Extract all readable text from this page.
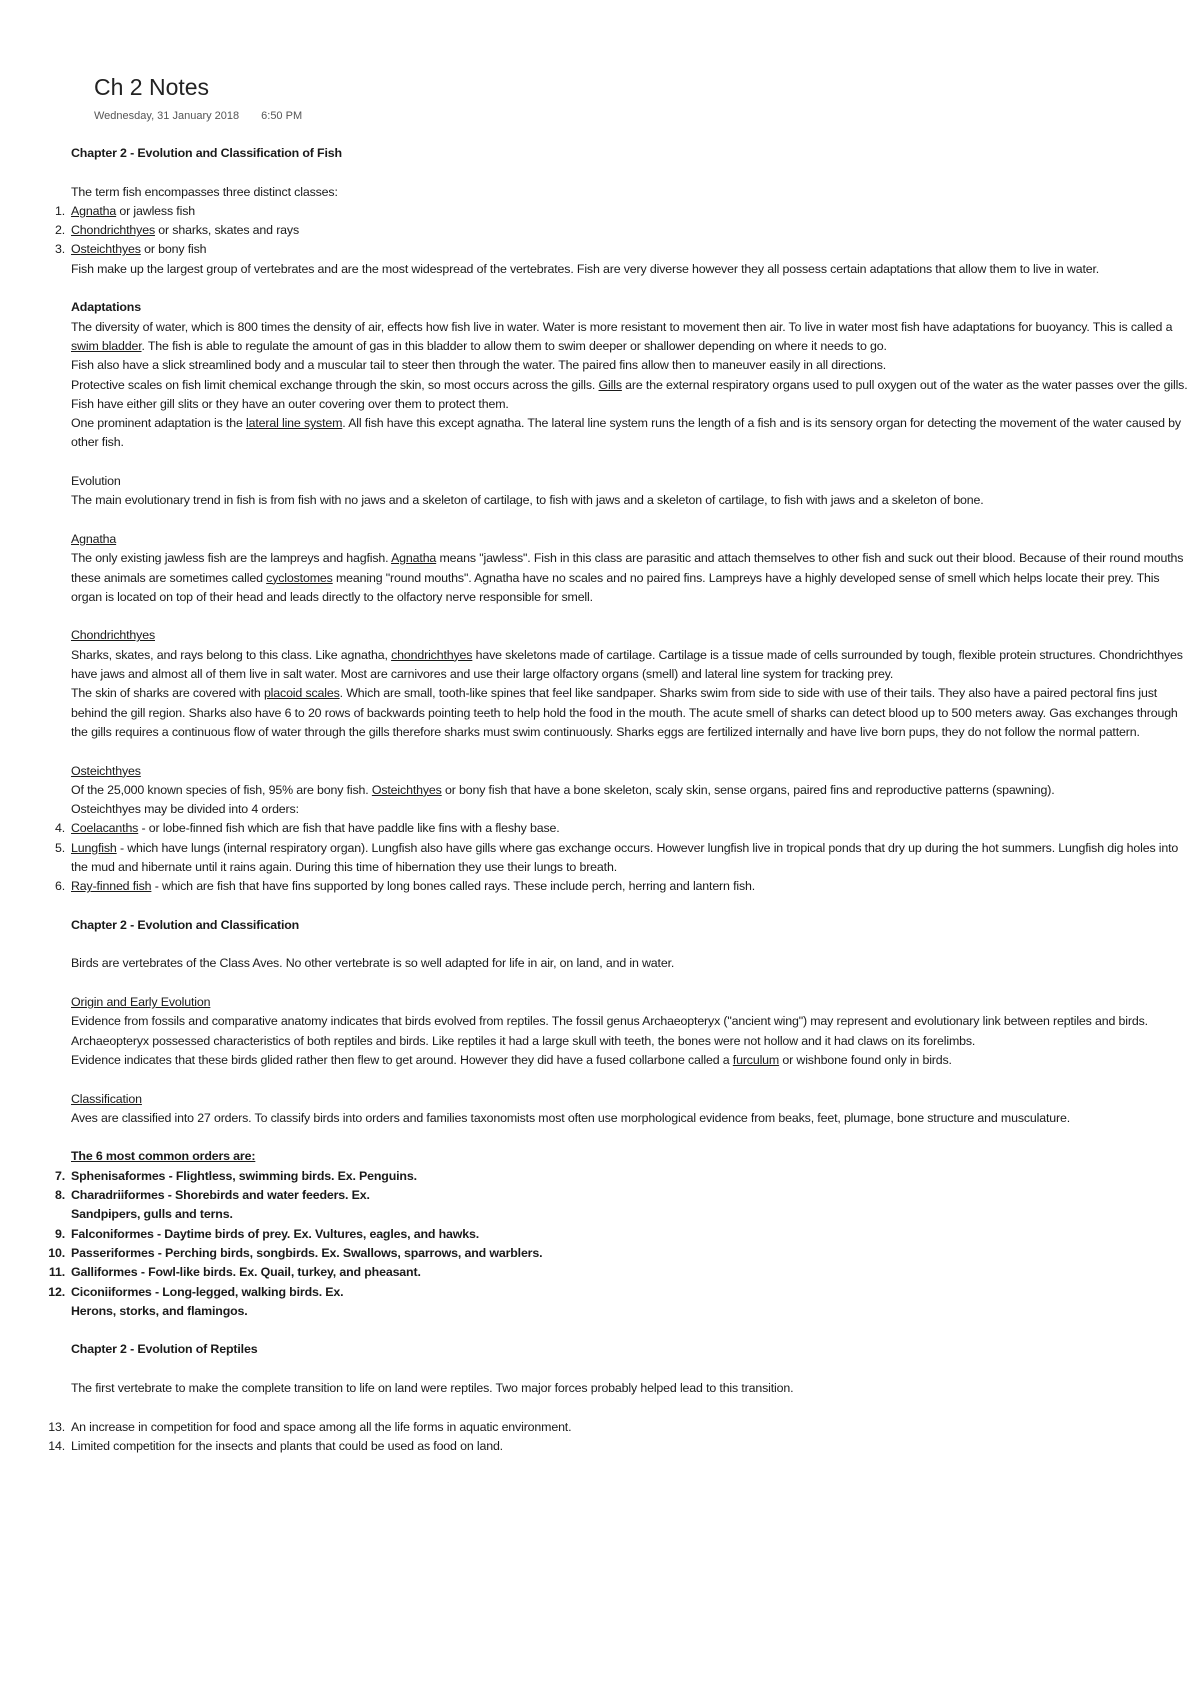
Ch 2 Notes
Wednesday, 31 January 2018 6:50 PM
Chapter 2 - Evolution and Classification of Fish
The term fish encompasses three distinct classes:
1. Agnatha or jawless fish
2. Chondrichthyes or sharks, skates and rays
3. Osteichthyes or bony fish
Fish make up the largest group of vertebrates and are the most widespread of the vertebrates. Fish are very diverse however they all possess certain adaptations that allow them to live in water.
Adaptations
The diversity of water, which is 800 times the density of air, effects how fish live in water. Water is more resistant to movement then air. To live in water most fish have adaptations for buoyancy. This is called a swim bladder. The fish is able to regulate the amount of gas in this bladder to allow them to swim deeper or shallower depending on where it needs to go.
Fish also have a slick streamlined body and a muscular tail to steer then through the water. The paired fins allow then to maneuver easily in all directions.
Protective scales on fish limit chemical exchange through the skin, so most occurs across the gills. Gills are the external respiratory organs used to pull oxygen out of the water as the water passes over the gills. Fish have either gill slits or they have an outer covering over them to protect them.
One prominent adaptation is the lateral line system. All fish have this except agnatha. The lateral line system runs the length of a fish and is its sensory organ for detecting the movement of the water caused by other fish.
Evolution
The main evolutionary trend in fish is from fish with no jaws and a skeleton of cartilage, to fish with jaws and a skeleton of cartilage, to fish with jaws and a skeleton of bone.
Agnatha
The only existing jawless fish are the lampreys and hagfish. Agnatha means "jawless". Fish in this class are parasitic and attach themselves to other fish and suck out their blood. Because of their round mouths these animals are sometimes called cyclostomes meaning "round mouths". Agnatha have no scales and no paired fins. Lampreys have a highly developed sense of smell which helps locate their prey. This organ is located on top of their head and leads directly to the olfactory nerve responsible for smell.
Chondrichthyes
Sharks, skates, and rays belong to this class. Like agnatha, chondrichthyes have skeletons made of cartilage. Cartilage is a tissue made of cells surrounded by tough, flexible protein structures. Chondrichthyes have jaws and almost all of them live in salt water. Most are carnivores and use their large olfactory organs (smell) and lateral line system for tracking prey.
The skin of sharks are covered with placoid scales. Which are small, tooth-like spines that feel like sandpaper. Sharks swim from side to side with use of their tails. They also have a paired pectoral fins just behind the gill region. Sharks also have 6 to 20 rows of backwards pointing teeth to help hold the food in the mouth. The acute smell of sharks can detect blood up to 500 meters away. Gas exchanges through the gills requires a continuous flow of water through the gills therefore sharks must swim continuously. Sharks eggs are fertilized internally and have live born pups, they do not follow the normal pattern.
Osteichthyes
Of the 25,000 known species of fish, 95% are bony fish. Osteichthyes or bony fish that have a bone skeleton, scaly skin, sense organs, paired fins and reproductive patterns (spawning).
Osteichthyes may be divided into 4 orders:
4. Coelacanths - or lobe-finned fish which are fish that have paddle like fins with a fleshy base.
5. Lungfish - which have lungs (internal respiratory organ). Lungfish also have gills where gas exchange occurs. However lungfish live in tropical ponds that dry up during the hot summers. Lungfish dig holes into the mud and hibernate until it rains again. During this time of hibernation they use their lungs to breath.
6. Ray-finned fish - which are fish that have fins supported by long bones called rays. These include perch, herring and lantern fish.
Chapter 2 - Evolution and Classification
Birds are vertebrates of the Class Aves. No other vertebrate is so well adapted for life in air, on land, and in water.
Origin and Early Evolution
Evidence from fossils and comparative anatomy indicates that birds evolved from reptiles. The fossil genus Archaeopteryx ("ancient wing") may represent and evolutionary link between reptiles and birds.
Archaeopteryx possessed characteristics of both reptiles and birds. Like reptiles it had a large skull with teeth, the bones were not hollow and it had claws on its forelimbs.
Evidence indicates that these birds glided rather then flew to get around. However they did have a fused collarbone called a furculum or wishbone found only in birds.
Classification
Aves are classified into 27 orders. To classify birds into orders and families taxonomists most often use morphological evidence from beaks, feet, plumage, bone structure and musculature.
The 6 most common orders are:
7. Sphenisaformes - Flightless, swimming birds. Ex. Penguins.
8. Charadriiformes - Shorebirds and water feeders. Ex.
Sandpipers, gulls and terns.
9. Falconiformes - Daytime birds of prey. Ex. Vultures, eagles, and hawks.
10. Passeriformes - Perching birds, songbirds. Ex. Swallows, sparrows, and warblers.
11. Galliformes - Fowl-like birds. Ex. Quail, turkey, and pheasant.
12. Ciconiiformes - Long-legged, walking birds. Ex.
Herons, storks, and flamingos.
Chapter 2 - Evolution of Reptiles
The first vertebrate to make the complete transition to life on land were reptiles. Two major forces probably helped lead to this transition.
13. An increase in competition for food and space among all the life forms in aquatic environment.
14. Limited competition for the insects and plants that could be used as food on land.
